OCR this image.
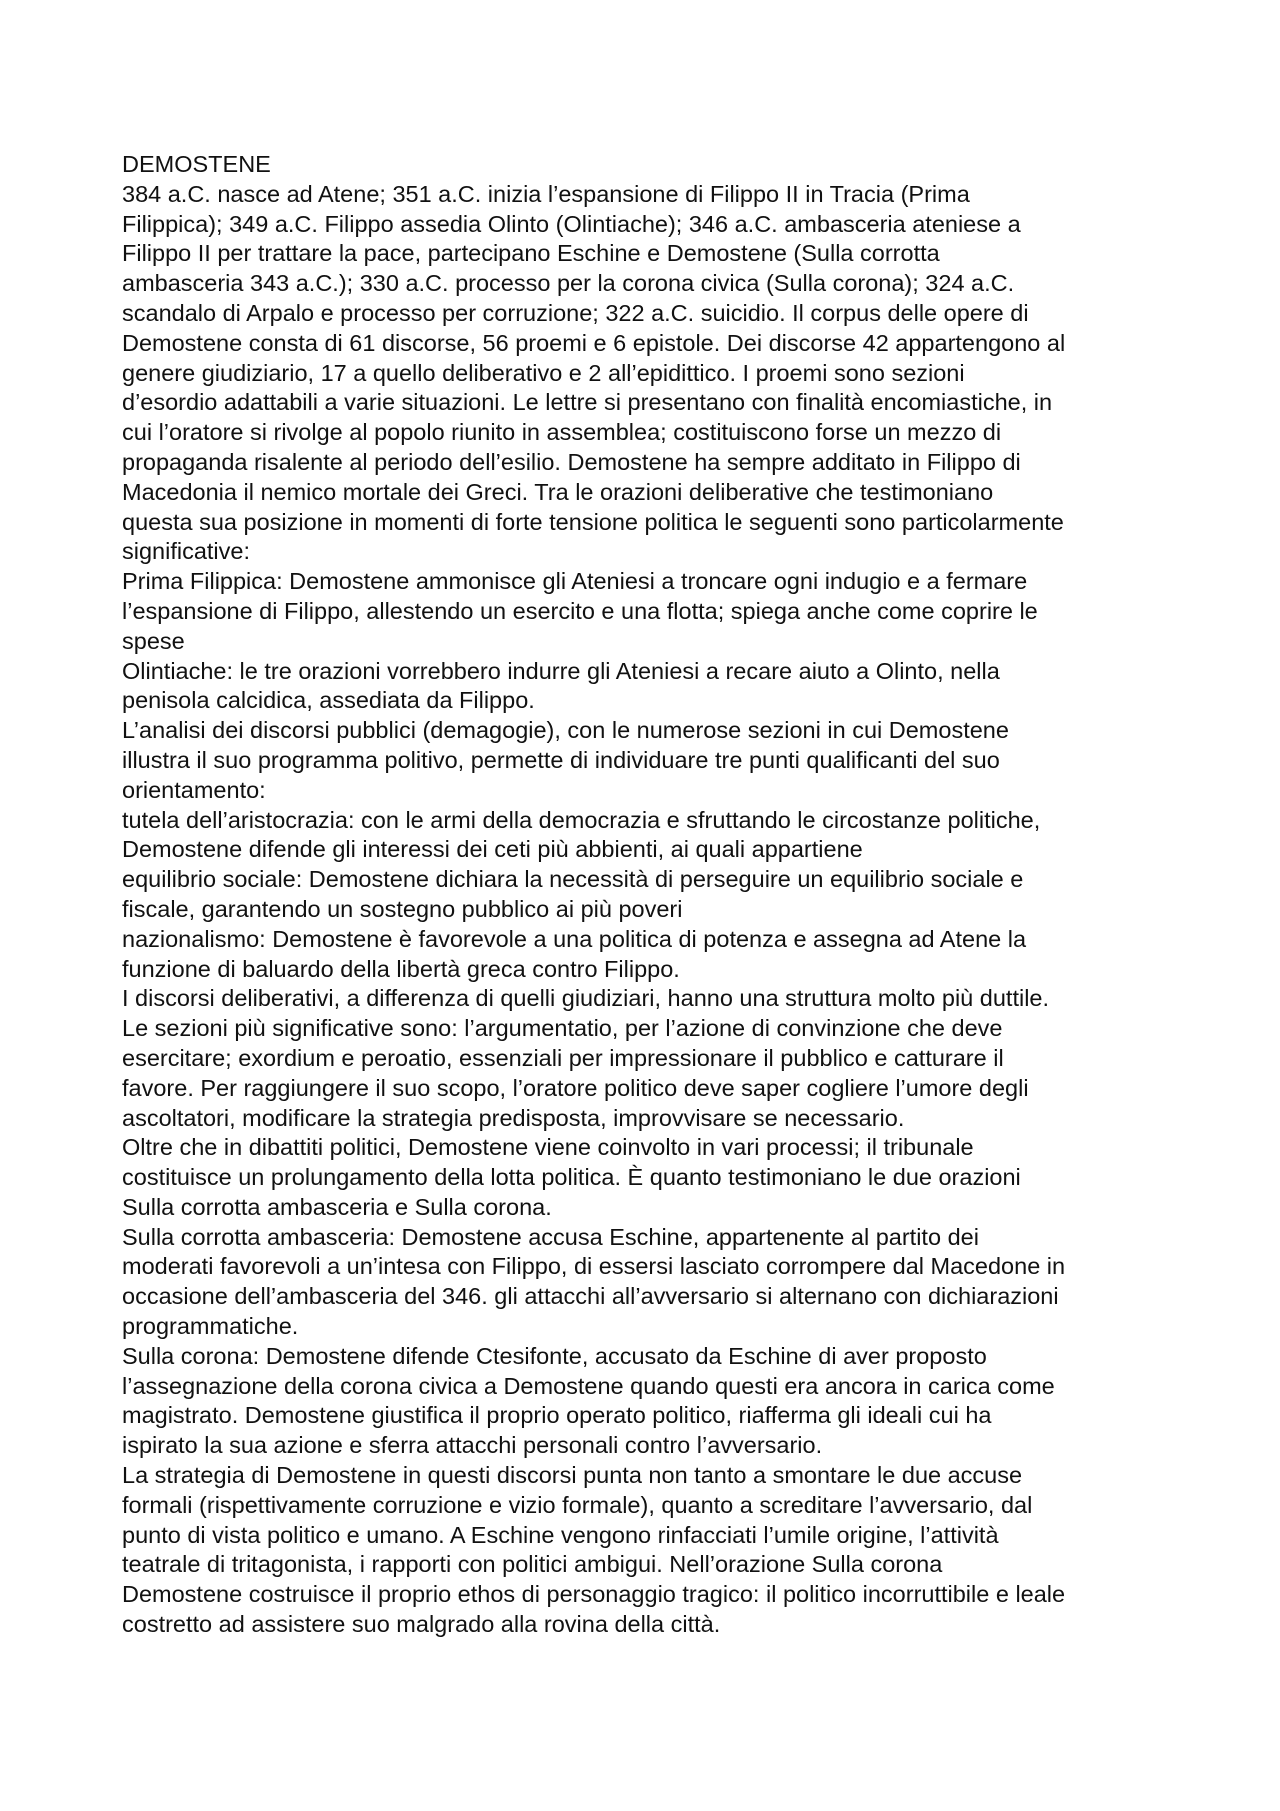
DEMOSTENE
384 a.C. nasce ad Atene; 351 a.C. inizia l’espansione di Filippo II in Tracia (Prima
Filippica); 349 a.C. Filippo assedia Olinto (Olintiache); 346 a.C. ambasceria ateniese a
Filippo II per trattare la pace, partecipano Eschine e Demostene (Sulla corrotta
ambasceria 343 a.C.); 330 a.C. processo per la corona civica (Sulla corona); 324 a.C.
scandalo di Arpalo e processo per corruzione; 322 a.C. suicidio. Il corpus delle opere di
Demostene consta di 61 discorse, 56 proemi e 6 epistole. Dei discorse 42 appartengono al
genere giudiziario, 17 a quello deliberativo e 2 all’epidittico. I proemi sono sezioni
d’esordio adattabili a varie situazioni. Le lettre si presentano con finalità encomiastiche, in
cui l’oratore si rivolge al popolo riunito in assemblea; costituiscono forse un mezzo di
propaganda risalente al periodo dell’esilio. Demostene ha sempre additato in Filippo di
Macedonia il nemico mortale dei Greci. Tra le orazioni deliberative che testimoniano
questa sua posizione in momenti di forte tensione politica le seguenti sono particolarmente
significative:
Prima Filippica: Demostene ammonisce gli Ateniesi a troncare ogni indugio e a fermare
l’espansione di Filippo, allestendo un esercito e una flotta; spiega anche come coprire le
spese
Olintiache: le tre orazioni vorrebbero indurre gli Ateniesi a recare aiuto a Olinto, nella
penisola calcidica, assediata da Filippo.
L’analisi dei discorsi pubblici (demagogie), con le numerose sezioni in cui Demostene
illustra il suo programma politivo, permette di individuare tre punti qualificanti del suo
orientamento:
tutela dell’aristocrazia: con le armi della democrazia e sfruttando le circostanze politiche,
Demostene difende gli interessi dei ceti più abbienti, ai quali appartiene
equilibrio sociale: Demostene dichiara la necessità di perseguire un equilibrio sociale e
fiscale, garantendo un sostegno pubblico ai più poveri
nazionalismo: Demostene è favorevole a una politica di potenza e assegna ad Atene la
funzione di baluardo della libertà greca contro Filippo.
I discorsi deliberativi, a differenza di quelli giudiziari, hanno una struttura molto più duttile.
Le sezioni più significative sono: l’argumentatio, per l’azione di convinzione che deve
esercitare; exordium e peroatio, essenziali per impressionare il pubblico e catturare il
favore. Per raggiungere il suo scopo, l’oratore politico deve saper cogliere l’umore degli
ascoltatori, modificare la strategia predisposta, improvvisare se necessario.
Oltre che in dibattiti politici, Demostene viene coinvolto in vari processi; il tribunale
costituisce un prolungamento della lotta politica. È quanto testimoniano le due orazioni
Sulla corrotta ambasceria e Sulla corona.
Sulla corrotta ambasceria: Demostene accusa Eschine, appartenente al partito dei
moderati favorevoli a un’intesa con Filippo, di essersi lasciato corrompere dal Macedone in
occasione dell’ambasceria del 346. gli attacchi all’avversario si alternano con dichiarazioni
programmatiche.
Sulla corona: Demostene difende Ctesifonte, accusato da Eschine di aver proposto
l’assegnazione della corona civica a Demostene quando questi era ancora in carica come
magistrato. Demostene giustifica il proprio operato politico, riafferma gli ideali cui ha
ispirato la sua azione e sferra attacchi personali contro l’avversario.
La strategia di Demostene in questi discorsi punta non tanto a smontare le due accuse
formali (rispettivamente corruzione e vizio formale), quanto a screditare l’avversario, dal
punto di vista politico e umano. A Eschine vengono rinfacciati l’umile origine, l’attività
teatrale di tritagonista, i rapporti con politici ambigui. Nell’orazione Sulla corona
Demostene costruisce il proprio ethos di personaggio tragico: il politico incorruttibile e leale
costretto ad assistere suo malgrado alla rovina della città.
